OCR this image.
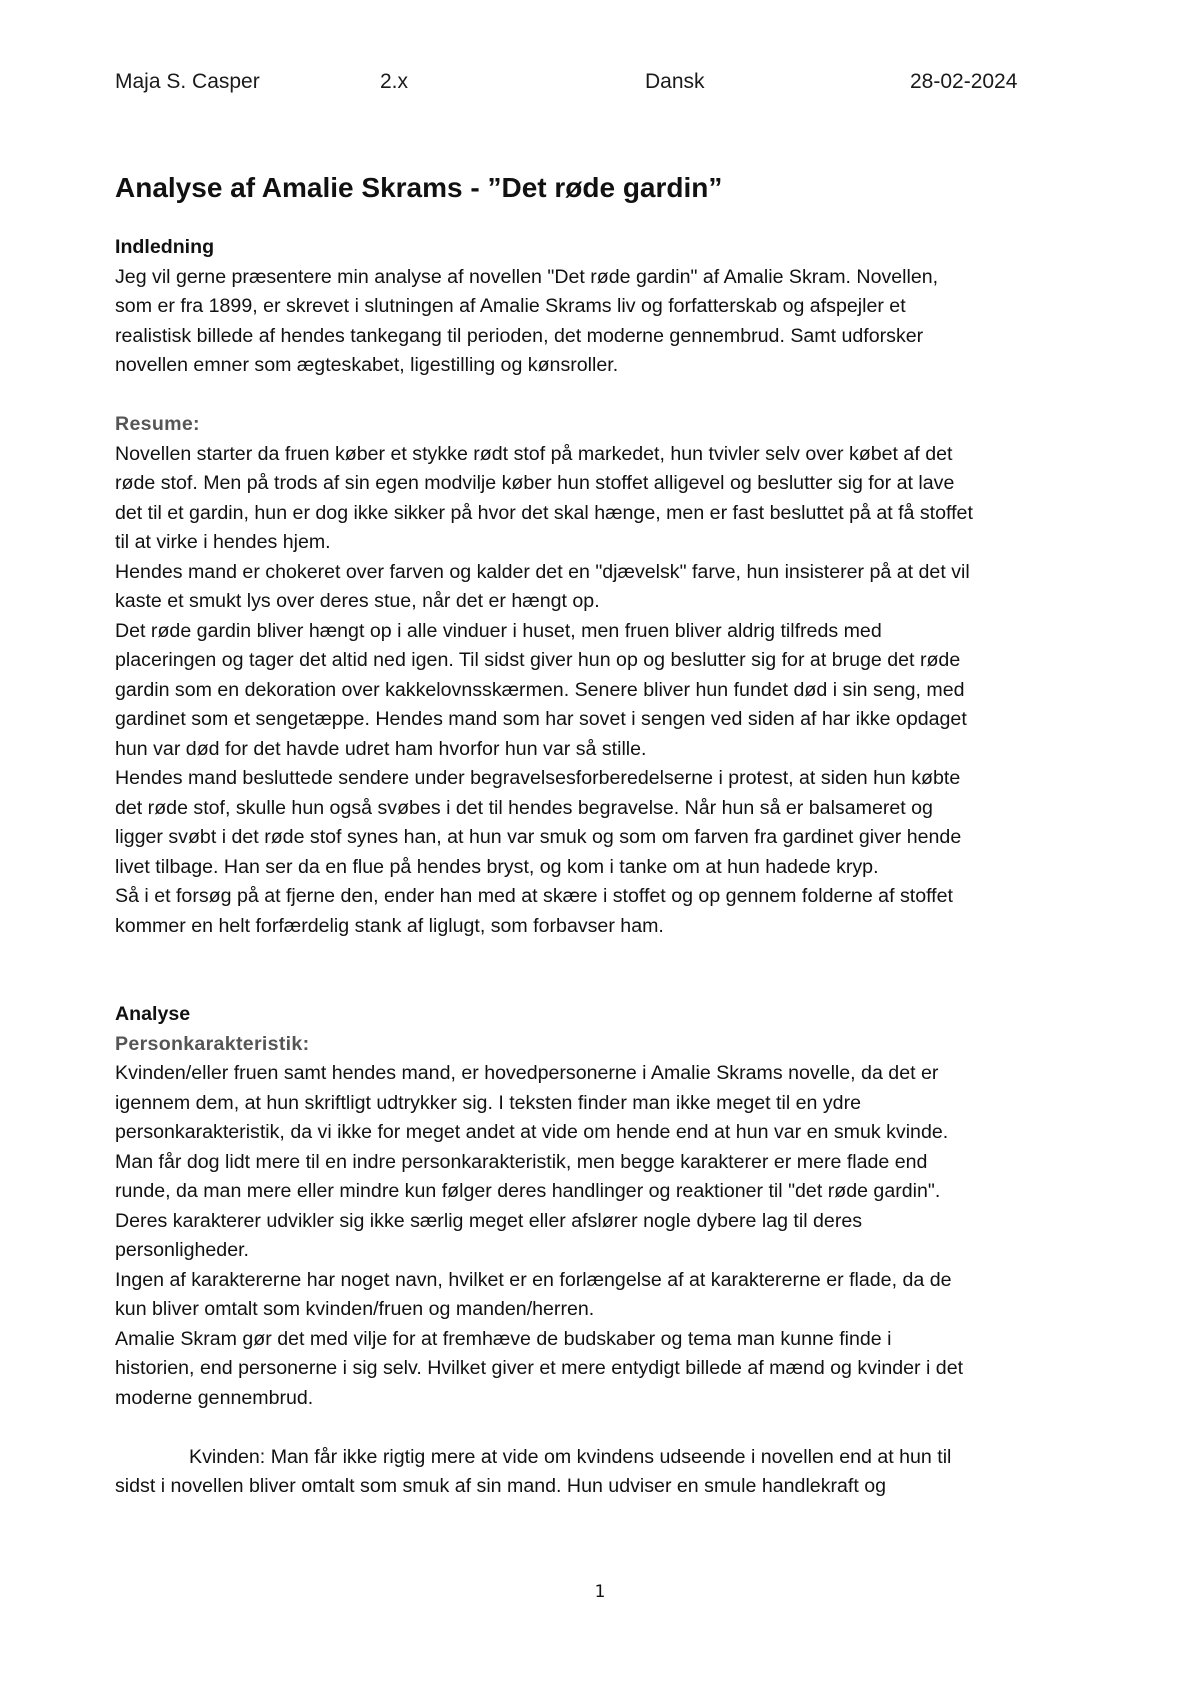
Maja S. Casper	2.x	Dansk	28-02-2024
Analyse af Amalie Skrams - ”Det røde gardin”

Indledning

Jeg vil gerne præsentere min analyse af novellen "Det røde gardin" af Amalie Skram. Novellen,

som er fra 1899, er skrevet i slutningen af Amalie Skrams liv og forfatterskab og afspejler et

realistisk billede af hendes tankegang til perioden, det moderne gennembrud. Samt udforsker

novellen emner som ægteskabet, ligestilling og kønsroller.

Resume:

Novellen starter da fruen køber et stykke rødt stof på markedet, hun tvivler selv over købet af det

røde stof. Men på trods af sin egen modvilje køber hun stoffet alligevel og beslutter sig for at lave

det til et gardin, hun er dog ikke sikker på hvor det skal hænge, men er fast besluttet på at få stoffet

til at virke i hendes hjem.

Hendes mand er chokeret over farven og kalder det en "djævelsk" farve, hun insisterer på at det vil

kaste et smukt lys over deres stue, når det er hængt op.

Det røde gardin bliver hængt op i alle vinduer i huset, men fruen bliver aldrig tilfreds med

placeringen og tager det altid ned igen. Til sidst giver hun op og beslutter sig for at bruge det røde

gardin som en dekoration over kakkelovnsskærmen. Senere bliver hun fundet død i sin seng, med

gardinet som et sengetæppe. Hendes mand som har sovet i sengen ved siden af har ikke opdaget

hun var død for det havde udret ham hvorfor hun var så stille.

Hendes mand besluttede sendere under begravelsesforberedelserne i protest, at siden hun købte

det røde stof, skulle hun også svøbes i det til hendes begravelse. Når hun så er balsameret og

ligger svøbt i det røde stof synes han, at hun var smuk og som om farven fra gardinet giver hende

livet tilbage. Han ser da en flue på hendes bryst, og kom i tanke om at hun hadede kryp.

Så i et forsøg på at fjerne den, ender han med at skære i stoffet og op gennem folderne af stoffet

kommer en helt forfærdelig stank af liglugt, som forbavser ham.

Analyse

Personkarakteristik:

Kvinden/eller fruen samt hendes mand, er hovedpersonerne i Amalie Skrams novelle, da det er

igennem dem, at hun skriftligt udtrykker sig. I teksten finder man ikke meget til en ydre

personkarakteristik, da vi ikke for meget andet at vide om hende end at hun var en smuk kvinde.

Man får dog lidt mere til en indre personkarakteristik, men begge karakterer er mere flade end

runde, da man mere eller mindre kun følger deres handlinger og reaktioner til "det røde gardin".

Deres karakterer udvikler sig ikke særlig meget eller afslører nogle dybere lag til deres

personligheder.

Ingen af karaktererne har noget navn, hvilket er en forlængelse af at karaktererne er flade, da de

kun bliver omtalt som kvinden/fruen og manden/herren.

Amalie Skram gør det med vilje for at fremhæve de budskaber og tema man kunne finde i

historien, end personerne i sig selv. Hvilket giver et mere entydigt billede af mænd og kvinder i det

moderne gennembrud.

Kvinden: Man får ikke rigtig mere at vide om kvindens udseende i novellen end at hun til

sidst i novellen bliver omtalt som smuk af sin mand. Hun udviser en smule handlekraft og

1
